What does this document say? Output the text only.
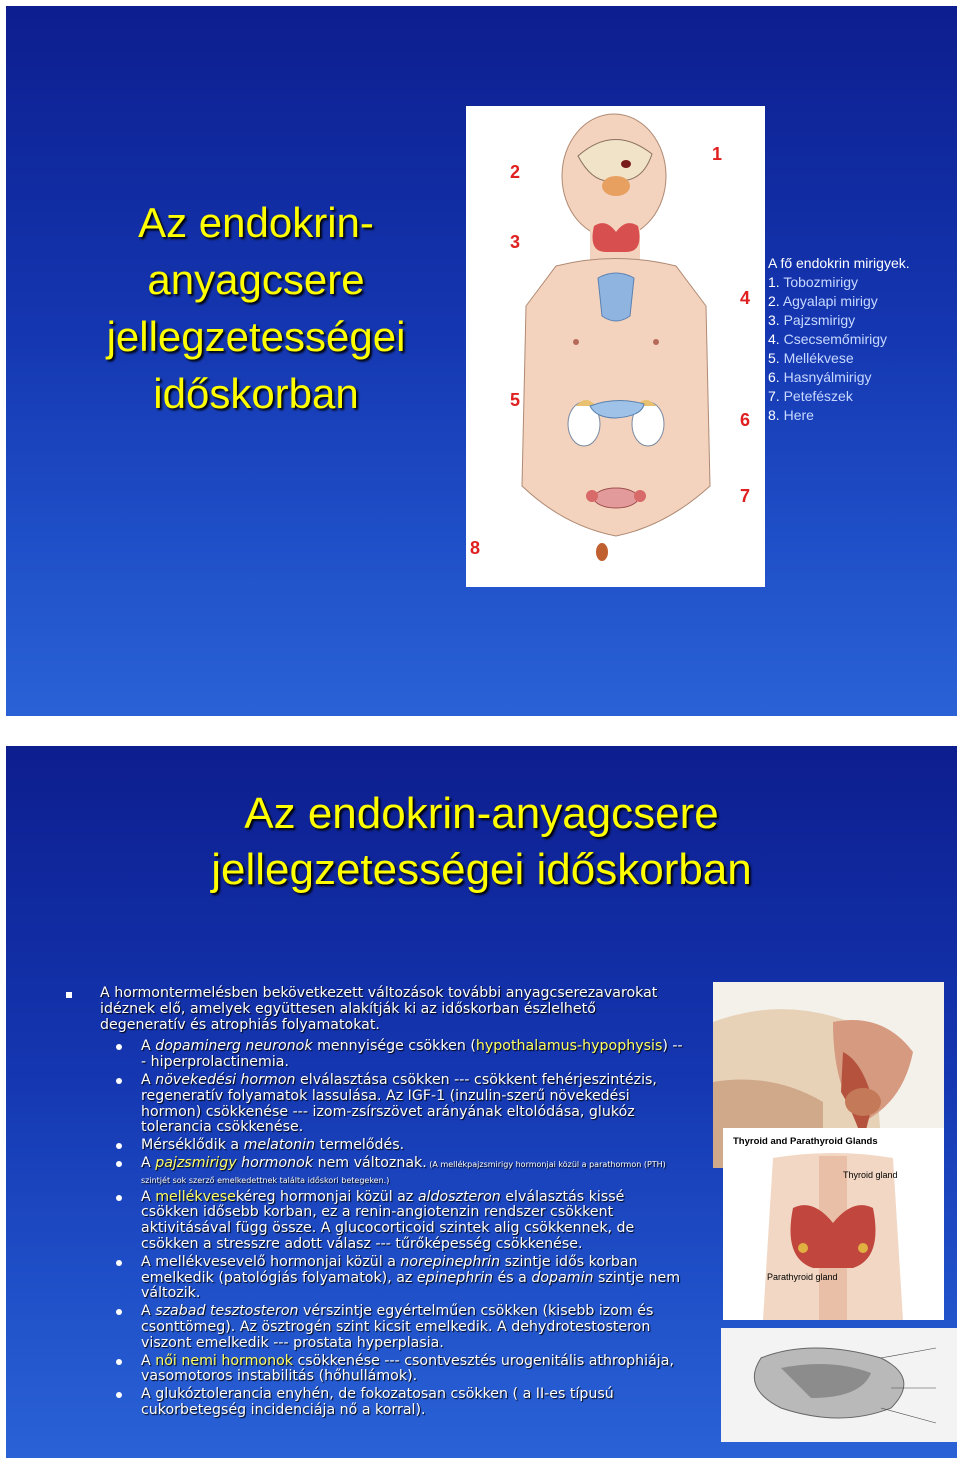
Az endokrin-
anyagcsere
jellegzetességei
időskorban
1
2
3
4
5
6
7
8
A fő endokrin mirigyek.
1. Tobozmirigy
2. Agyalapi mirigy
3. Pajzsmirigy
4. Csecsemőmirigy
5. Mellékvese
6. Hasnyálmirigy
7. Petefészek
8. Here
Az endokrin-anyagcsere
jellegzetességei időskorban
A hormontermelésben bekövetkezett változások további anyagcserezavarokat idéznek elő, amelyek együttesen alakítják ki az időskorban észlelhető degeneratív és atrophiás folyamatokat.
A dopaminerg neuronok mennyisége csökken (hypothalamus-hypophysis) --- hiperprolactinemia.
A növekedési hormon elválasztása csökken --- csökkent fehérjeszintézis, regeneratív folyamatok lassulása. Az IGF-1 (inzulin-szerű növekedési hormon) csökkenése --- izom-zsírszövet arányának eltolódása, glukóz tolerancia csökkenése.
Mérséklődik a melatonin termelődés.
A pajzsmirigy hormonok nem változnak. (A mellékpajzsmirigy hormonjai közül a parathormon (PTH) szintjét sok szerző emelkedettnek találta időskori betegeken.)
A mellékvesekéreg hormonjai közül az aldoszteron elválasztás kissé csökken idősebb korban, ez a renin-angiotenzin rendszer csökkent aktivitásával függ össze. A glucocorticoid szintek alig csökkennek, de csökken a stresszre adott válasz --- tűrőképesség csökkenése.
A mellékvesevelő hormonjai közül a norepinephrin szintje idős korban emelkedik (patológiás folyamatok), az epinephrin és a dopamin szintje nem változik.
A szabad tesztosteron vérszintje egyértelműen csökken (kisebb izom és csonttömeg). Az ösztrogén szint kicsit emelkedik. A dehydrotestosteron viszont emelkedik --- prostata hyperplasia.
A női nemi hormonok csökkenése --- csontvesztés urogenitális athrophiája, vasomotoros instabilitás (hőhullámok).
A glukóztolerancia enyhén, de fokozatosan csökken ( a II-es típusú cukorbetegség incidenciája nő a korral).
Thyroid and Parathyroid Glands
Thyroid gland
Parathyroid gland
